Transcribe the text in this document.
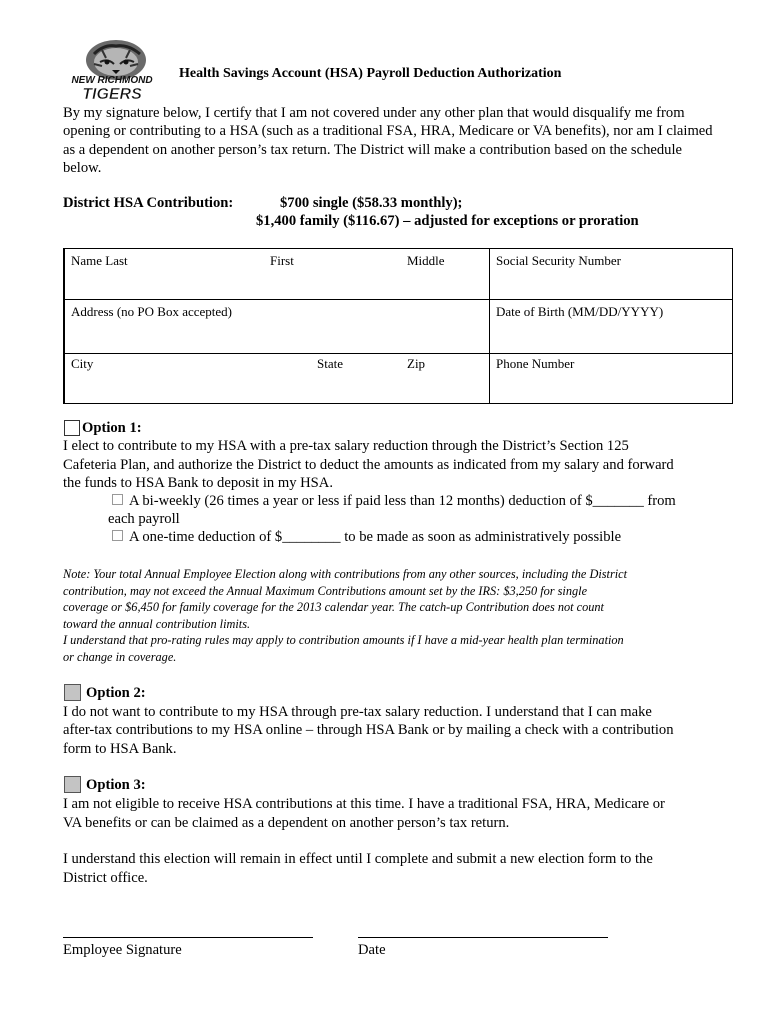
NEW RICHMOND
TIGERS
Health Savings Account (HSA) Payroll Deduction Authorization
By my signature below, I certify that I am not covered under any other plan that would disqualify me from opening or contributing to a HSA (such as a traditional FSA, HRA, Medicare or VA benefits), nor am I claimed as a dependent on another person’s tax return. The District will make a contribution based on the schedule below.
District HSA Contribution:	$700 single ($58.33 monthly);
$1,400 family ($116.67) – adjusted for exceptions or proration
Name Last	First	Middle	Social Security Number
Address (no PO Box accepted)	Date of Birth (MM/DD/YYYY)
City	State	Zip	Phone Number
Option 1:
I elect to contribute to my HSA with a pre-tax salary reduction through the District’s Section 125
Cafeteria Plan, and authorize the District to deduct the amounts as indicated from my salary and forward
the funds to HSA Bank to deposit in my HSA.
A bi-weekly (26 times a year or less if paid less than 12 months) deduction of $_______ from
each payroll
A one-time deduction of $________ to be made as soon as administratively possible
Note: Your total Annual Employee Election along with contributions from any other sources, including the District
contribution, may not exceed the Annual Maximum Contributions amount set by the IRS: $3,250 for single
coverage or $6,450 for family coverage for the 2013 calendar year. The catch-up Contribution does not count
toward the annual contribution limits.
I understand that pro-rating rules may apply to contribution amounts if I have a mid-year health plan termination
or change in coverage.
Option 2:
I do not want to contribute to my HSA through pre-tax salary reduction. I understand that I can make
after-tax contributions to my HSA online – through HSA Bank or by mailing a check with a contribution
form to HSA Bank.
Option 3:
I am not eligible to receive HSA contributions at this time. I have a traditional FSA, HRA, Medicare or
VA benefits or can be claimed as a dependent on another person’s tax return.
I understand this election will remain in effect until I complete and submit a new election form to the
District office.
Employee Signature	Date
